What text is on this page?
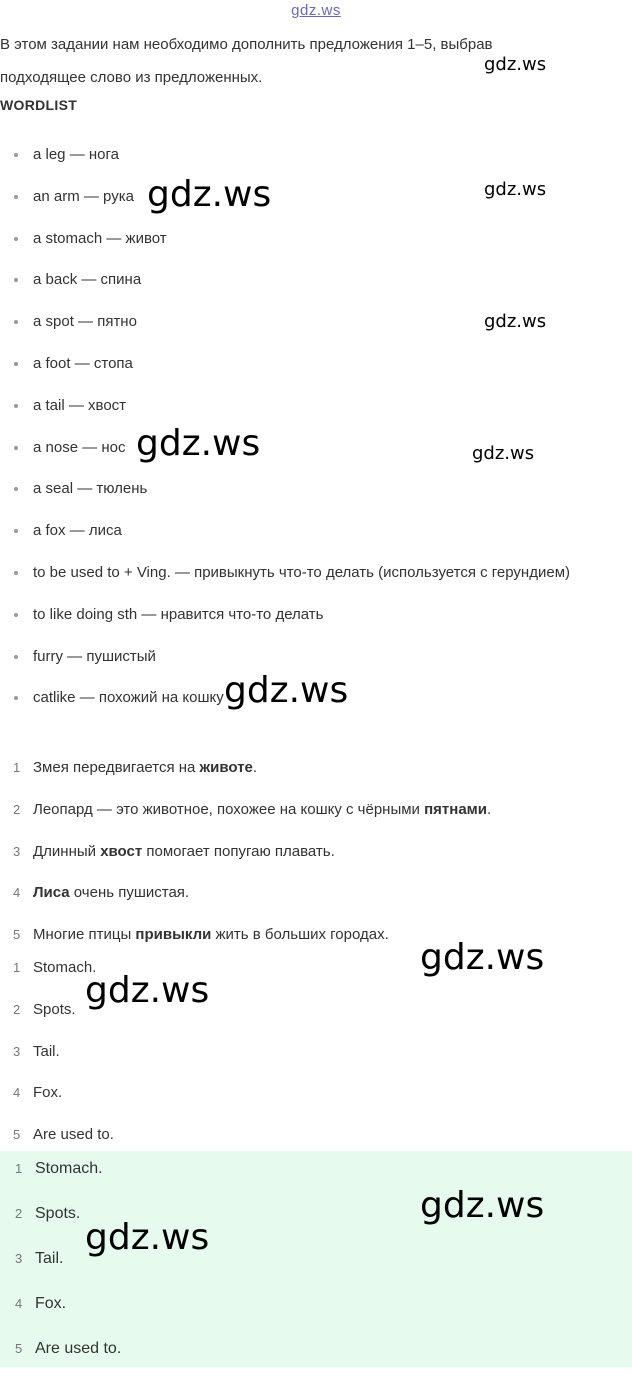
gdz.ws
В этом задании нам необходимо дополнить предложения 1–5, выбрав подходящее слово из предложенных.
WORDLIST
a leg — нога
an arm — рука
a stomach — живот
a back — спина
a spot — пятно
a foot — стопа
a tail — хвост
a nose — нос
a seal — тюлень
a fox — лиса
to be used to + Ving. — привыкнуть что-то делать (используется с герундием)
to like doing sth — нравится что-то делать
furry — пушистый
catlike — похожий на кошку
1 Змея передвигается на животе.
2 Леопард — это животное, похожее на кошку с чёрными пятнами.
3 Длинный хвост помогает попугаю плавать.
4 Лиса очень пушистая.
5 Многие птицы привыкли жить в больших городах.
1 Stomach.
2 Spots.
3 Tail.
4 Fox.
5 Are used to.
1 Stomach.
2 Spots.
3 Tail.
4 Fox.
5 Are used to.
gdz.ws
gdz.ws	gdz.ws
gdz.ws
gdz.ws	gdz.ws
gdz.ws
gdz.ws
gdz.ws
gdz.ws
gdz.ws
